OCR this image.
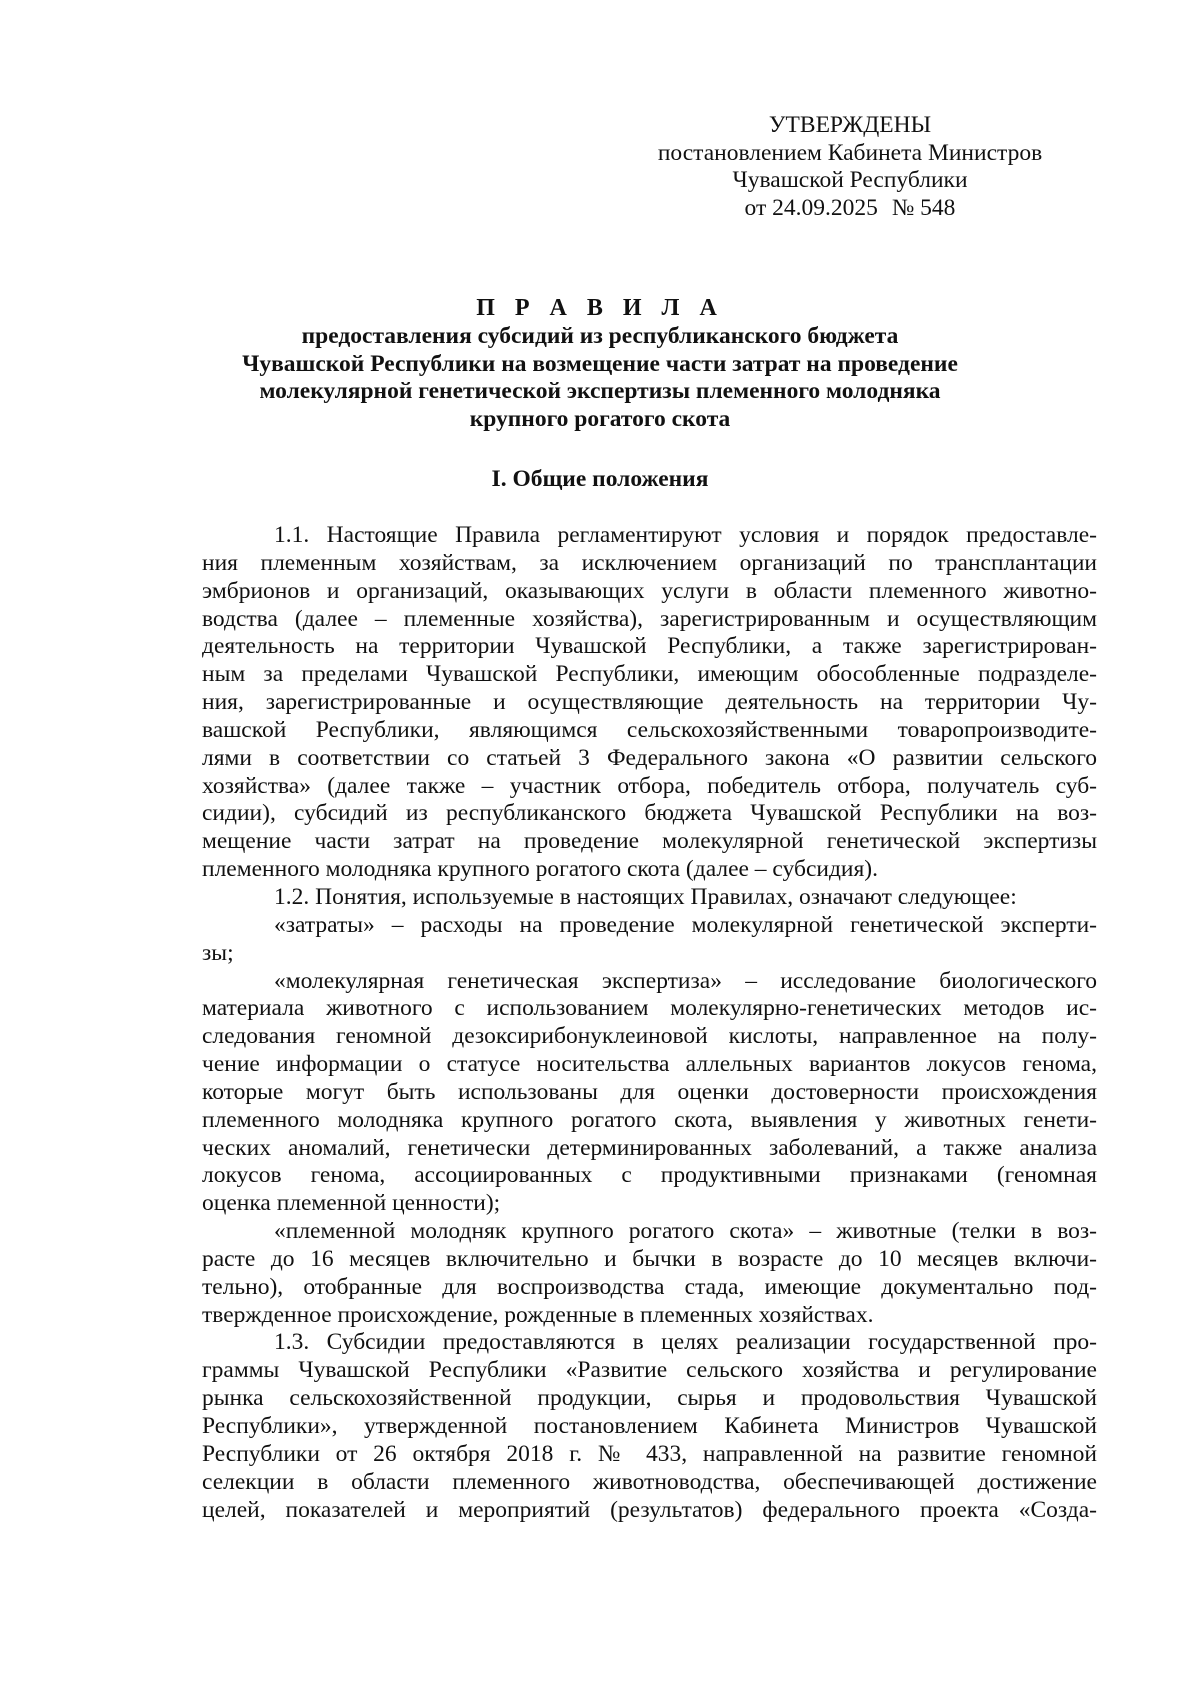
УТВЕРЖДЕНЫ
постановлением Кабинета Министров
Чувашской Республики
от 24.09.2025 № 548
П Р А В И Л А
предоставления субсидий из республиканского бюджета
Чувашской Республики на возмещение части затрат на проведение
молекулярной генетической экспертизы племенного молодняка
крупного рогатого скота
I. Общие положения
1.1. Настоящие Правила регламентируют условия и порядок предоставле-
ния племенным хозяйствам, за исключением организаций по трансплантации
эмбрионов и организаций, оказывающих услуги в области племенного животно-
водства (далее – племенные хозяйства), зарегистрированным и осуществляющим
деятельность на территории Чувашской Республики, а также зарегистрирован-
ным за пределами Чувашской Республики, имеющим обособленные подразделе-
ния, зарегистрированные и осуществляющие деятельность на территории Чу-
вашской Республики, являющимся сельскохозяйственными товаропроизводите-
лями в соответствии со статьей 3 Федерального закона «О развитии сельского
хозяйства» (далее также – участник отбора, победитель отбора, получатель суб-
сидии), субсидий из республиканского бюджета Чувашской Республики на воз-
мещение части затрат на проведение молекулярной генетической экспертизы
племенного молодняка крупного рогатого скота (далее – субсидия).
1.2. Понятия, используемые в настоящих Правилах, означают следующее:
«затраты» – расходы на проведение молекулярной генетической эксперти-
зы;
«молекулярная генетическая экспертиза» – исследование биологического
материала животного с использованием молекулярно-генетических методов ис-
следования геномной дезоксирибонуклеиновой кислоты, направленное на полу-
чение информации о статусе носительства аллельных вариантов локусов генома,
которые могут быть использованы для оценки достоверности происхождения
племенного молодняка крупного рогатого скота, выявления у животных генети-
ческих аномалий, генетически детерминированных заболеваний, а также анализа
локусов генома, ассоциированных с продуктивными признаками (геномная
оценка племенной ценности);
«племенной молодняк крупного рогатого скота» – животные (телки в воз-
расте до 16 месяцев включительно и бычки в возрасте до 10 месяцев включи-
тельно), отобранные для воспроизводства стада, имеющие документально под-
твержденное происхождение, рожденные в племенных хозяйствах.
1.3. Субсидии предоставляются в целях реализации государственной про-
граммы Чувашской Республики «Развитие сельского хозяйства и регулирование
рынка сельскохозяйственной продукции, сырья и продовольствия Чувашской
Республики», утвержденной постановлением Кабинета Министров Чувашской
Республики от 26 октября 2018 г. № 433, направленной на развитие геномной
селекции в области племенного животноводства, обеспечивающей достижение
целей, показателей и мероприятий (результатов) федерального проекта «Созда-
